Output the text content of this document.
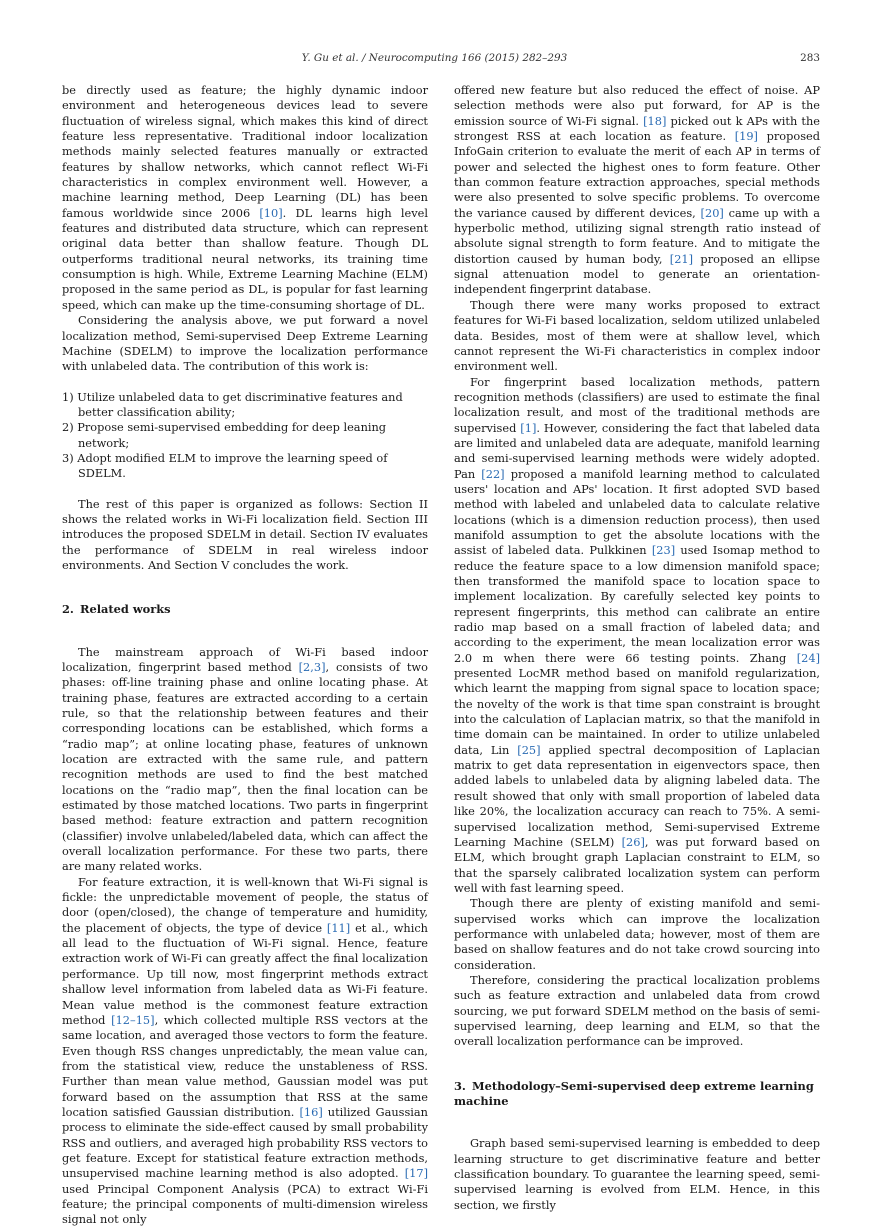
Y. Gu et al. / Neurocomputing 166 (2015) 282–293	283

be directly used as feature; the highly dynamic indoor environment and heterogeneous devices lead to severe fluctuation of wireless signal, which makes this kind of direct feature less representative. Traditional indoor localization methods mainly selected features manually or extracted features by shallow networks, which cannot reflect Wi-Fi characteristics in complex environment well. However, a machine learning method, Deep Learning (DL) has been famous worldwide since 2006 [10]. DL learns high level features and distributed data structure, which can represent original data better than shallow feature. Though DL outperforms traditional neural networks, its training time consumption is high. While, Extreme Learning Machine (ELM) proposed in the same period as DL, is popular for fast learning speed, which can make up the time-consuming shortage of DL.

Considering the analysis above, we put forward a novel localization method, Semi-supervised Deep Extreme Learning Machine (SDELM) to improve the localization performance with unlabeled data. The contribution of this work is:

1) Utilize unlabeled data to get discriminative features and better classification ability;
2) Propose semi-supervised embedding for deep leaning network;
3) Adopt modified ELM to improve the learning speed of SDELM.

The rest of this paper is organized as follows: Section II shows the related works in Wi-Fi localization field. Section III introduces the proposed SDELM in detail. Section IV evaluates the performance of SDELM in real wireless indoor environments. And Section V concludes the work.

2. Related works

The mainstream approach of Wi-Fi based indoor localization, fingerprint based method [2,3], consists of two phases: off-line training phase and online locating phase. At training phase, features are extracted according to a certain rule, so that the relationship between features and their corresponding locations can be established, which forms a “radio map”; at online locating phase, features of unknown location are extracted with the same rule, and pattern recognition methods are used to find the best matched locations on the “radio map”, then the final location can be estimated by those matched locations. Two parts in fingerprint based method: feature extraction and pattern recognition (classifier) involve unlabeled/labeled data, which can affect the overall localization performance. For these two parts, there are many related works.

For feature extraction, it is well-known that Wi-Fi signal is fickle: the unpredictable movement of people, the status of door (open/closed), the change of temperature and humidity, the placement of objects, the type of device [11] et al., which all lead to the fluctuation of Wi-Fi signal. Hence, feature extraction work of Wi-Fi can greatly affect the final localization performance. Up till now, most fingerprint methods extract shallow level information from labeled data as Wi-Fi feature. Mean value method is the commonest feature extraction method [12–15], which collected multiple RSS vectors at the same location, and averaged those vectors to form the feature. Even though RSS changes unpredictably, the mean value can, from the statistical view, reduce the unstableness of RSS. Further than mean value method, Gaussian model was put forward based on the assumption that RSS at the same location satisfied Gaussian distribution. [16] utilized Gaussian process to eliminate the side-effect caused by small probability RSS and outliers, and averaged high probability RSS vectors to get feature. Except for statistical feature extraction methods, unsupervised machine learning method is also adopted. [17] used Principal Component Analysis (PCA) to extract Wi-Fi feature; the principal components of multi-dimension wireless signal not only

offered new feature but also reduced the effect of noise. AP selection methods were also put forward, for AP is the emission source of Wi-Fi signal. [18] picked out k APs with the strongest RSS at each location as feature. [19] proposed InfoGain criterion to evaluate the merit of each AP in terms of power and selected the highest ones to form feature. Other than common feature extraction approaches, special methods were also presented to solve specific problems. To overcome the variance caused by different devices, [20] came up with a hyperbolic method, utilizing signal strength ratio instead of absolute signal strength to form feature. And to mitigate the distortion caused by human body, [21] proposed an ellipse signal attenuation model to generate an orientation-independent fingerprint database.

Though there were many works proposed to extract features for Wi-Fi based localization, seldom utilized unlabeled data. Besides, most of them were at shallow level, which cannot represent the Wi-Fi characteristics in complex indoor environment well.

For fingerprint based localization methods, pattern recognition methods (classifiers) are used to estimate the final localization result, and most of the traditional methods are supervised [1]. However, considering the fact that labeled data are limited and unlabeled data are adequate, manifold learning and semi-supervised learning methods were widely adopted. Pan [22] proposed a manifold learning method to calculated users' location and APs' location. It first adopted SVD based method with labeled and unlabeled data to calculate relative locations (which is a dimension reduction process), then used manifold assumption to get the absolute locations with the assist of labeled data. Pulkkinen [23] used Isomap method to reduce the feature space to a low dimension manifold space; then transformed the manifold space to location space to implement localization. By carefully selected key points to represent fingerprints, this method can calibrate an entire radio map based on a small fraction of labeled data; and according to the experiment, the mean localization error was 2.0 m when there were 66 testing points. Zhang [24] presented LocMR method based on manifold regularization, which learnt the mapping from signal space to location space; the novelty of the work is that time span constraint is brought into the calculation of Laplacian matrix, so that the manifold in time domain can be maintained. In order to utilize unlabeled data, Lin [25] applied spectral decomposition of Laplacian matrix to get data representation in eigenvectors space, then added labels to unlabeled data by aligning labeled data. The result showed that only with small proportion of labeled data like 20%, the localization accuracy can reach to 75%. A semi-supervised localization method, Semi-supervised Extreme Learning Machine (SELM) [26], was put forward based on ELM, which brought graph Laplacian constraint to ELM, so that the sparsely calibrated localization system can perform well with fast learning speed.

Though there are plenty of existing manifold and semi-supervised works which can improve the localization performance with unlabeled data; however, most of them are based on shallow features and do not take crowd sourcing into consideration.

Therefore, considering the practical localization problems such as feature extraction and unlabeled data from crowd sourcing, we put forward SDELM method on the basis of semi-supervised learning, deep learning and ELM, so that the overall localization performance can be improved.

3. Methodology–Semi-supervised deep extreme learning machine

Graph based semi-supervised learning is embedded to deep learning structure to get discriminative feature and better classification boundary. To guarantee the learning speed, semi-supervised learning is evolved from ELM. Hence, in this section, we firstly
